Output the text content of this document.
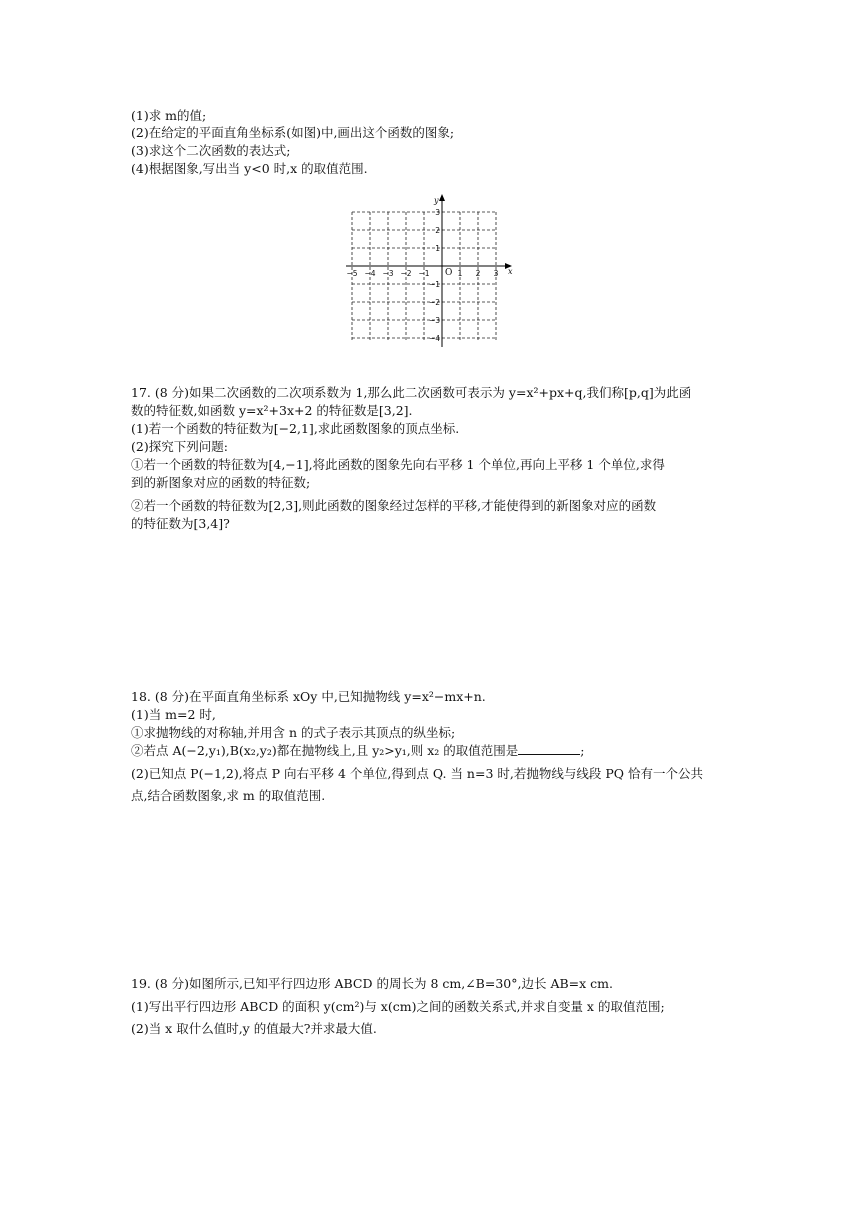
(1)求 m的值;
(2)在给定的平面直角坐标系(如图)中,画出这个函数的图象;
(3)求这个二次函数的表达式;
(4)根据图象,写出当 y<0 时,x 的取值范围.
x
y
O
−5 −4 −3 −2 −1	1 2 3
3
2
1
−1
−2
−3
−4
17. (8 分)如果二次函数的二次项系数为 1,那么此二次函数可表示为 y=x²+px+q,我们称[p,q]为此函
数的特征数,如函数 y=x²+3x+2 的特征数是[3,2].
(1)若一个函数的特征数为[−2,1],求此函数图象的顶点坐标.
(2)探究下列问题:
①若一个函数的特征数为[4,−1],将此函数的图象先向右平移 1 个单位,再向上平移 1 个单位,求得
到的新图象对应的函数的特征数;
②若一个函数的特征数为[2,3],则此函数的图象经过怎样的平移,才能使得到的新图象对应的函数
的特征数为[3,4]?
18. (8 分)在平面直角坐标系 xOy 中,已知抛物线 y=x²−mx+n.
(1)当 m=2 时,
①求抛物线的对称轴,并用含 n 的式子表示其顶点的纵坐标;
②若点 A(−2,y₁),B(x₂,y₂)都在抛物线上,且 y₂>y₁,则 x₂ 的取值范围是	;
(2)已知点 P(−1,2),将点 P 向右平移 4 个单位,得到点 Q. 当 n=3 时,若抛物线与线段 PQ 恰有一个公共
点,结合函数图象,求 m 的取值范围.
19. (8 分)如图所示,已知平行四边形 ABCD 的周长为 8 cm,∠B=30°,边长 AB=x cm.
(1)写出平行四边形 ABCD 的面积 y(cm²)与 x(cm)之间的函数关系式,并求自变量 x 的取值范围;
(2)当 x 取什么值时,y 的值最大?并求最大值.
